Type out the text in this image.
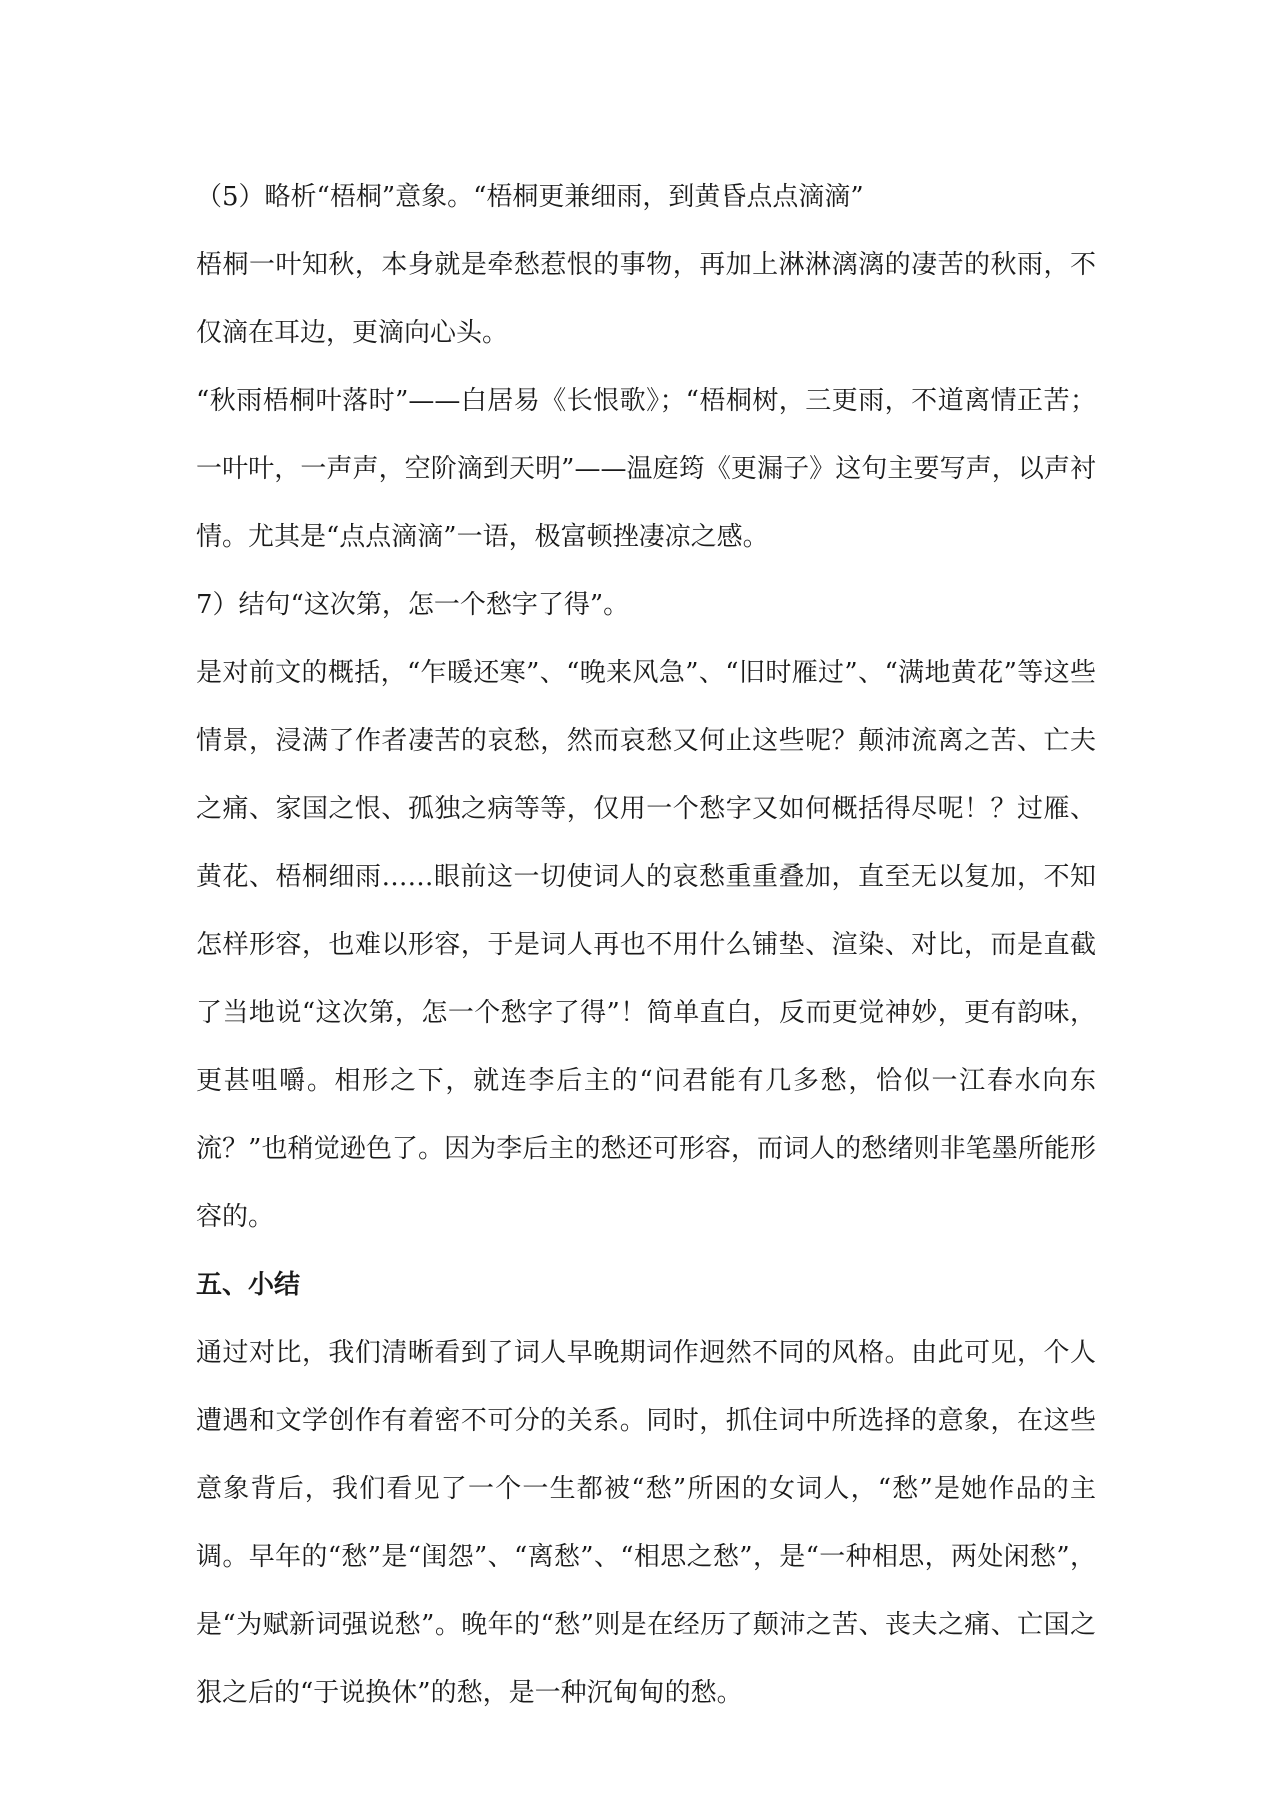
（5）略析“梧桐”意象。“梧桐更兼细雨，到黄昏点点滴滴”

梧桐一叶知秋，本身就是牵愁惹恨的事物，再加上淋淋漓漓的凄苦的秋雨，不仅滴在耳边，更滴向心头。

“秋雨梧桐叶落时”——白居易《长恨歌》；“梧桐树，三更雨，不道离情正苦；一叶叶，一声声，空阶滴到天明”——温庭筠《更漏子》这句主要写声，以声衬情。尤其是“点点滴滴”一语，极富顿挫凄凉之感。

7）结句“这次第，怎一个愁字了得”。

是对前文的概括，“乍暖还寒”、“晚来风急”、“旧时雁过”、“满地黄花”等这些情景，浸满了作者凄苦的哀愁，然而哀愁又何止这些呢？颠沛流离之苦、亡夫之痛、家国之恨、孤独之病等等，仅用一个愁字又如何概括得尽呢！？过雁、黄花、梧桐细雨……眼前这一切使词人的哀愁重重叠加，直至无以复加，不知怎样形容，也难以形容，于是词人再也不用什么铺垫、渲染、对比，而是直截了当地说“这次第，怎一个愁字了得”！简单直白，反而更觉神妙，更有韵味，更甚咀嚼。相形之下，就连李后主的“问君能有几多愁，恰似一江春水向东流？”也稍觉逊色了。因为李后主的愁还可形容，而词人的愁绪则非笔墨所能形容的。

五、小结

通过对比，我们清晰看到了词人早晚期词作迥然不同的风格。由此可见，个人遭遇和文学创作有着密不可分的关系。同时，抓住词中所选择的意象，在这些意象背后，我们看见了一个一生都被“愁”所困的女词人，“愁”是她作品的主调。早年的“愁”是“闺怨”、“离愁”、“相思之愁”，是“一种相思，两处闲愁”，是“为赋新词强说愁”。晚年的“愁”则是在经历了颠沛之苦、丧夫之痛、亡国之狠之后的“于说换休”的愁，是一种沉甸甸的愁。
